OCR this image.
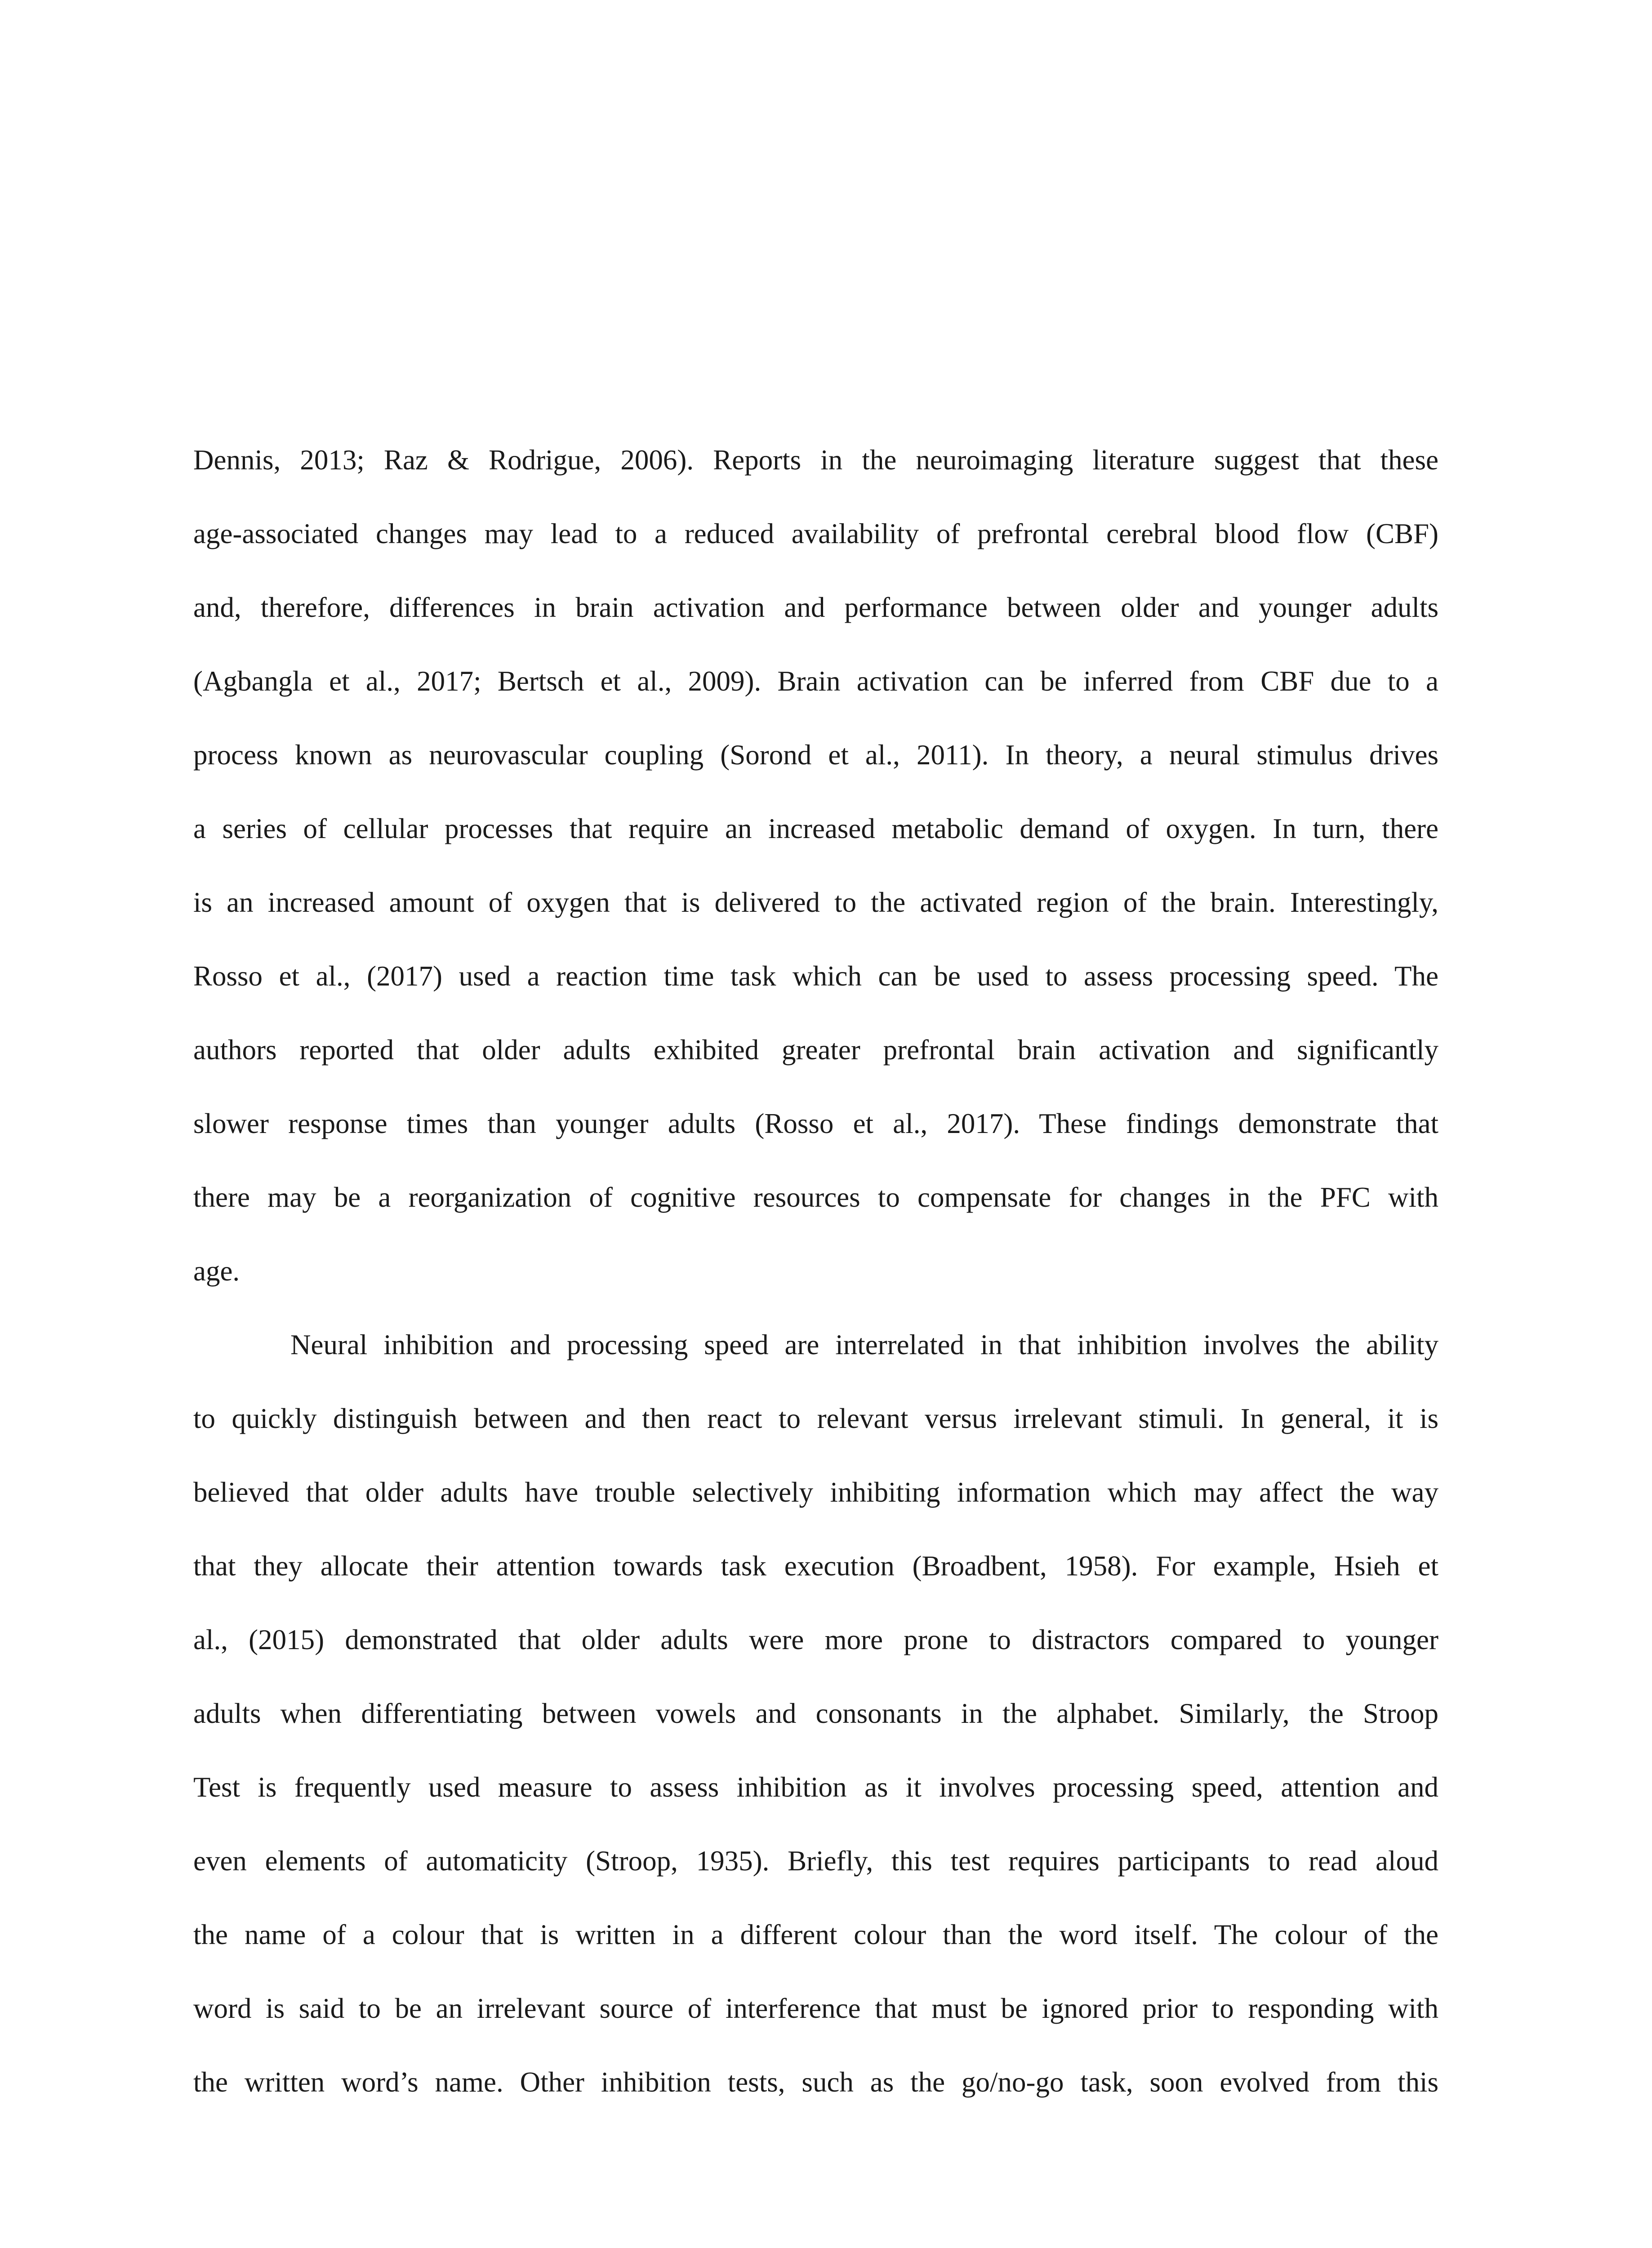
Dennis, 2013; Raz & Rodrigue, 2006). Reports in the neuroimaging literature suggest that these
age-associated changes may lead to a reduced availability of prefrontal cerebral blood flow (CBF)
and, therefore, differences in brain activation and performance between older and younger adults
(Agbangla et al., 2017; Bertsch et al., 2009). Brain activation can be inferred from CBF due to a
process known as neurovascular coupling (Sorond et al., 2011). In theory, a neural stimulus drives
a series of cellular processes that require an increased metabolic demand of oxygen. In turn, there
is an increased amount of oxygen that is delivered to the activated region of the brain. Interestingly,
Rosso et al., (2017) used a reaction time task which can be used to assess processing speed. The
authors reported that older adults exhibited greater prefrontal brain activation and significantly
slower response times than younger adults (Rosso et al., 2017). These findings demonstrate that
there may be a reorganization of cognitive resources to compensate for changes in the PFC with
age.
Neural inhibition and processing speed are interrelated in that inhibition involves the ability
to quickly distinguish between and then react to relevant versus irrelevant stimuli. In general, it is
believed that older adults have trouble selectively inhibiting information which may affect the way
that they allocate their attention towards task execution (Broadbent, 1958). For example, Hsieh et
al., (2015) demonstrated that older adults were more prone to distractors compared to younger
adults when differentiating between vowels and consonants in the alphabet. Similarly, the Stroop
Test is frequently used measure to assess inhibition as it involves processing speed, attention and
even elements of automaticity (Stroop, 1935). Briefly, this test requires participants to read aloud
the name of a colour that is written in a different colour than the word itself. The colour of the
word is said to be an irrelevant source of interference that must be ignored prior to responding with
the written word’s name. Other inhibition tests, such as the go/no-go task, soon evolved from this
